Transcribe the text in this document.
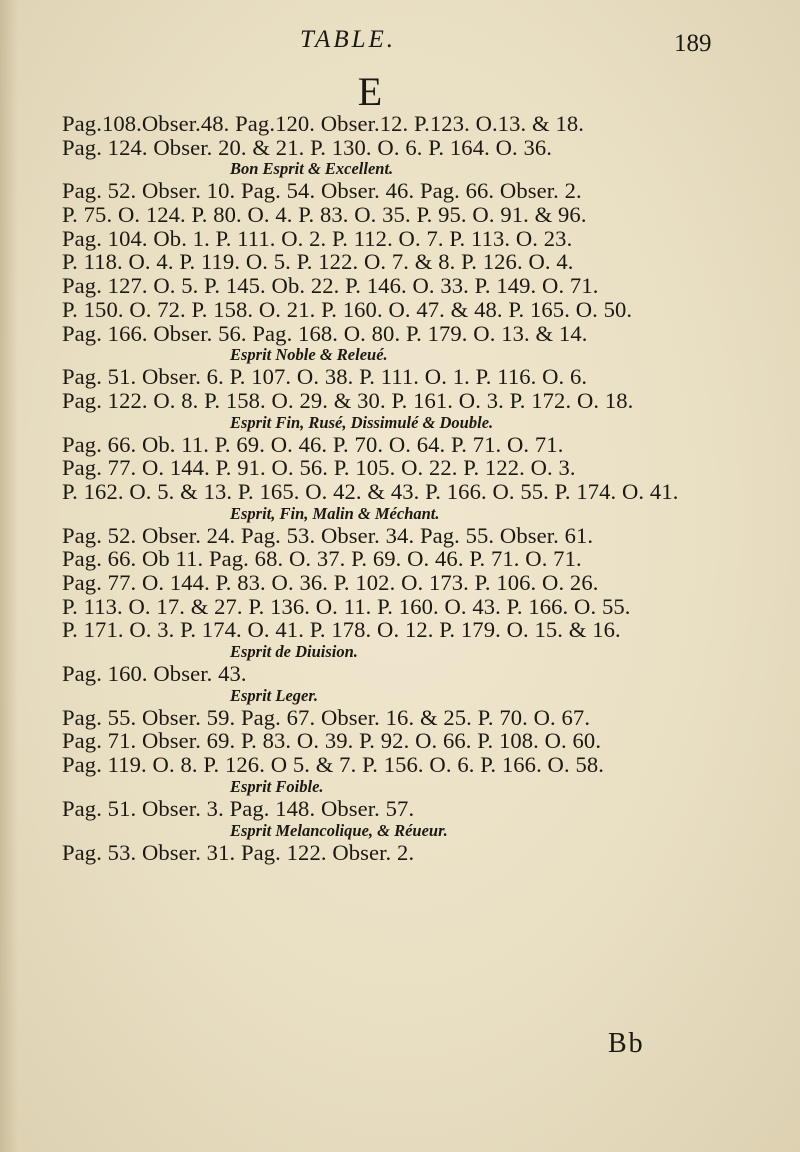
TABLE.	189
E
Pag.108.Obser.48. Pag.120. Obser.12. P.123. O.13. & 18.
Pag. 124. Obser. 20. & 21. P. 130. O. 6. P. 164. O. 36.
Bon Esprit & Excellent.
Pag. 52. Obser. 10. Pag. 54. Obser. 46. Pag. 66. Obser. 2.
P. 75. O. 124. P. 80. O. 4. P. 83. O. 35. P. 95. O. 91. & 96.
Pag. 104. Ob. 1. P. 111. O. 2. P. 112. O. 7. P. 113. O. 23.
P. 118. O. 4. P. 119. O. 5. P. 122. O. 7. & 8. P. 126. O. 4.
Pag. 127. O. 5. P. 145. Ob. 22. P. 146. O. 33. P. 149. O. 71.
P. 150. O. 72. P. 158. O. 21. P. 160. O. 47. & 48. P. 165. O. 50.
Pag. 166. Obser. 56. Pag. 168. O. 80. P. 179. O. 13. & 14.
Esprit Noble & Releué.
Pag. 51. Obser. 6. P. 107. O. 38. P. 111. O. 1. P. 116. O. 6.
Pag. 122. O. 8. P. 158. O. 29. & 30. P. 161. O. 3. P. 172. O. 18.
Esprit Fin, Rusé, Dissimulé & Double.
Pag. 66. Ob. 11. P. 69. O. 46. P. 70. O. 64. P. 71. O. 71.
Pag. 77. O. 144. P. 91. O. 56. P. 105. O. 22. P. 122. O. 3.
P. 162. O. 5. & 13. P. 165. O. 42. & 43. P. 166. O. 55. P. 174. O. 41.
Esprit, Fin, Malin & Méchant.
Pag. 52. Obser. 24. Pag. 53. Obser. 34. Pag. 55. Obser. 61.
Pag. 66. Ob 11. Pag. 68. O. 37. P. 69. O. 46. P. 71. O. 71.
Pag. 77. O. 144. P. 83. O. 36. P. 102. O. 173. P. 106. O. 26.
P. 113. O. 17. & 27. P. 136. O. 11. P. 160. O. 43. P. 166. O. 55.
P. 171. O. 3. P. 174. O. 41. P. 178. O. 12. P. 179. O. 15. & 16.
Esprit de Diuision.
Pag. 160. Obser. 43.
Esprit Leger.
Pag. 55. Obser. 59. Pag. 67. Obser. 16. & 25. P. 70. O. 67.
Pag. 71. Obser. 69. P. 83. O. 39. P. 92. O. 66. P. 108. O. 60.
Pag. 119. O. 8. P. 126. O 5. & 7. P. 156. O. 6. P. 166. O. 58.
Esprit Foible.
Pag. 51. Obser. 3. Pag. 148. Obser. 57.
Esprit Melancolique, & Réueur.
Pag. 53. Obser. 31. Pag. 122. Obser. 2.
Bb
